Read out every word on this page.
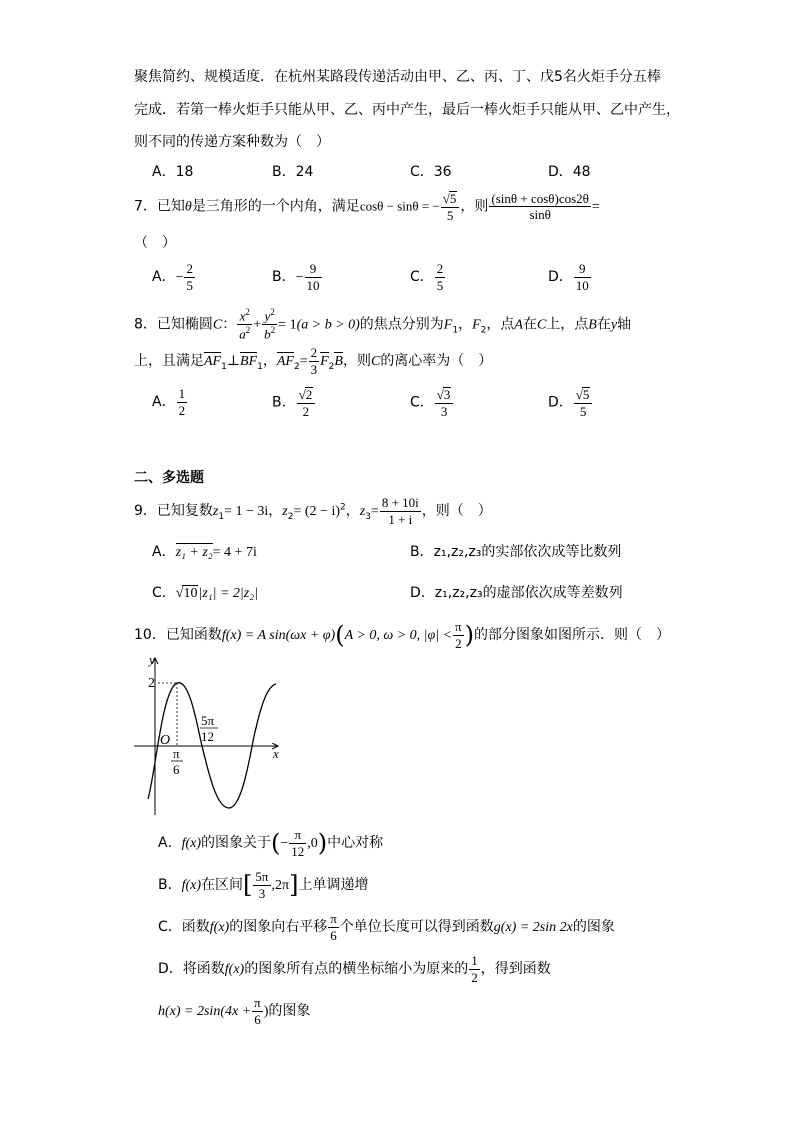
聚焦简约、规模适度．在杭州某路段传递活动由甲、乙、丙、丁、戊5名火炬手分五棒
完成．若第一棒火炬手只能从甲、乙、丙中产生，最后一棒火炬手只能从甲、乙中产生，
则不同的传递方案种数为（　）
A．18	B．24	C．36	D．48
7．已知θ是三角形的一个内角，满足cosθ − sinθ = − $\frac{√5}{5}$ ，则 $\frac{(\sin\theta + \cos\theta)\cos 2\theta}{\sin\theta}$ =
（　）
A．− $\frac{2}{5}$	B．− $\frac{9}{10}$	C． $\frac{2}{5}$	D． $\frac{9}{10}$
8．已知椭圆C： $\frac{x^2}{a^2} + \frac{y^2}{b^2} = 1(a > b > 0)$的焦点分别为$F_1$，$F_2$，点A在C上，点B在y轴
上，且满足$AF_1\perp BF_1$，$AF_2= \frac{2}{3} F_2B$，则C的离心率为（　）
A． $\frac{1}{2}$	B． $\frac{√2}{2}$	C． $\frac{√3}{3}$	D． $\frac{√5}{5}$
二、多选题
9．已知复数$z_1= 1 - 3i$，$z_2= (2 - i)^2$，$z_3= \frac{8 + 10i}{1 + i}$ ，则（　）
A．z₁ + z₂= 4 + 7i	B．z₁,z₂,z₃的实部依次成等比数列
C．√10|z₁| = 2|z₂|	D．z₁,z₂,z₃的虚部依次成等差数列
10．已知函数f(x) = A sin(ωx + φ)(A > 0, ω > 0, $|\varphi| < \frac{\pi}{2}$ )的部分图象如图所示．则（　）
y
x
2
O
π
6
5π
12
A．f(x)的图象关于(− $\frac{\pi}{12} ,0$)中心对称
B．f(x)在区间[ $\frac{5\pi}{3} ,2\pi$]上单调递增
C．函数f(x)的图象向右平移 $\frac{\pi}{6}$ 个单位长度可以得到函数g(x) = 2sin 2x的图象
D．将函数f(x)的图象所有点的横坐标缩小为原来的 $\frac{1}{2}$ ，得到函数
$h(x) = 2\sin(4x + \frac{\pi}{6}$ )的图象
